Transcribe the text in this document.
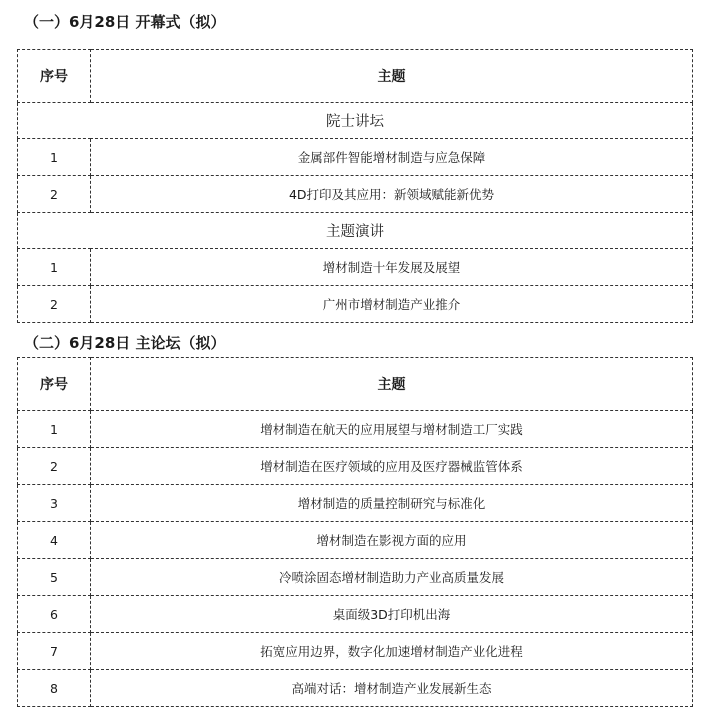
（一）6月28日 开幕式（拟）
序号	主题
院士讲坛	
1	金属部件智能增材制造与应急保障
2	4D打印及其应用：新领域赋能新优势
主题演讲	
1	增材制造十年发展及展望
2	广州市增材制造产业推介
（二）6月28日 主论坛（拟）
序号	主题
1	增材制造在航天的应用展望与增材制造工厂实践
2	增材制造在医疗领域的应用及医疗器械监管体系
3	增材制造的质量控制研究与标准化
4	增材制造在影视方面的应用
5	冷喷涂固态增材制造助力产业高质量发展
6	桌面级3D打印机出海
7	拓宽应用边界，数字化加速增材制造产业化进程
8	高端对话：增材制造产业发展新生态
